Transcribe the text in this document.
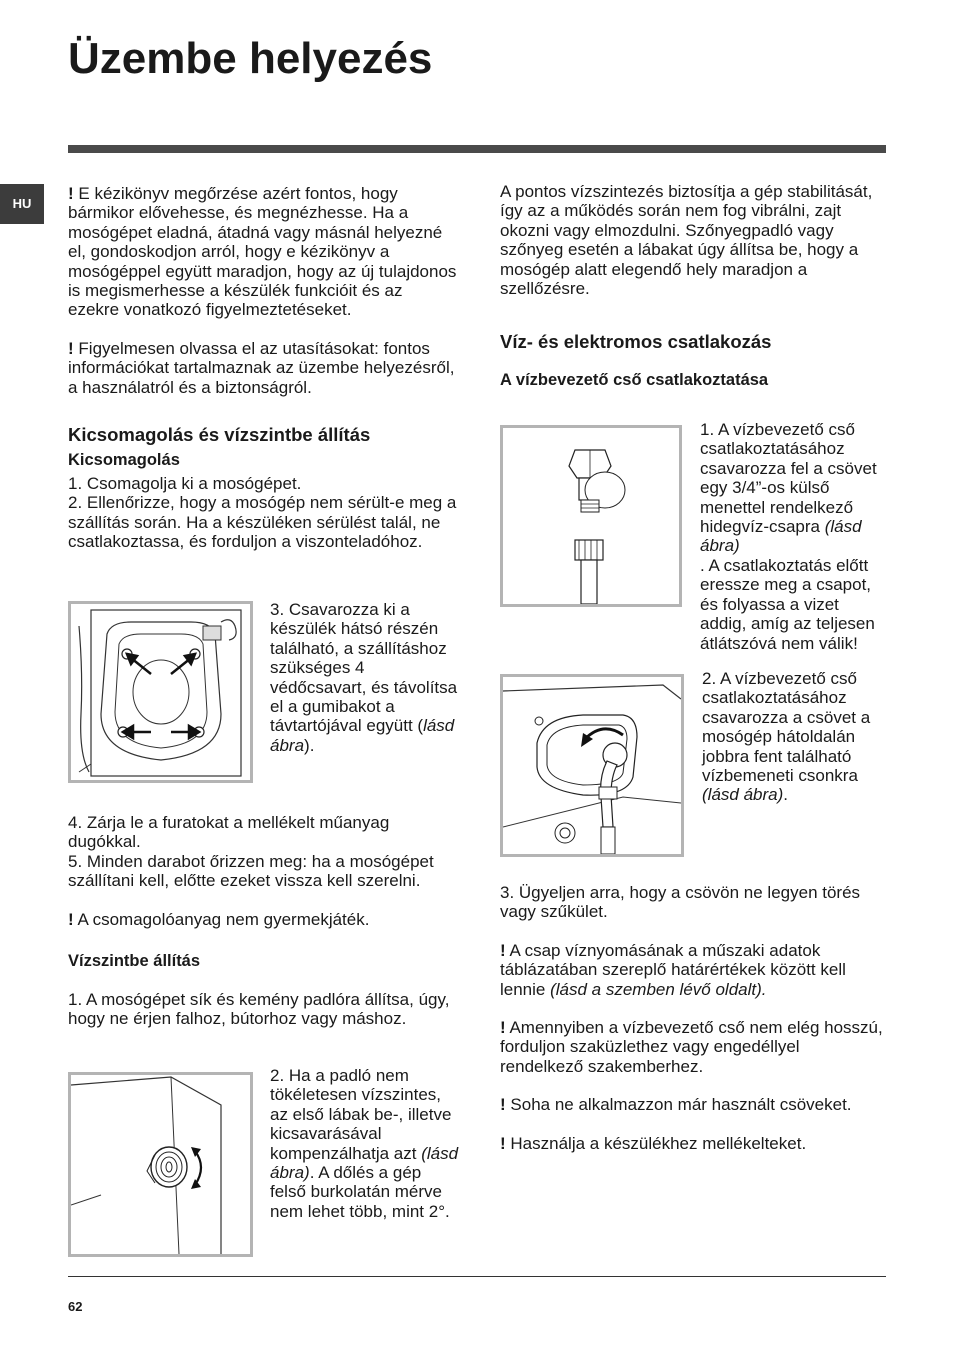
Üzembe helyezés
HU

! E kézikönyv megőrzése azért fontos, hogy bármikor elővehesse, és megnézhesse. Ha a mosógépet eladná, átadná vagy másnál helyezné el, gondoskodjon arról, hogy e kézikönyv a mosógéppel együtt maradjon, hogy az új tulajdonos is megismerhesse a készülék funkcióit és az ezekre vonatkozó figyelmeztetéseket.

! Figyelmesen olvassa el az utasításokat: fontos információkat tartalmaznak az üzembe helyezésről, a használatról és a biztonságról.

Kicsomagolás és vízszintbe állítás
Kicsomagolás

1. Csomagolja ki a mosógépet.

2. Ellenőrizze, hogy a mosógép nem sérült-e meg a szállítás során. Ha a készüléken sérülést talál, ne csatlakoztassa, és forduljon a viszonteladóhoz.

3. Csavarozza ki a készülék hátsó részén található, a szállításhoz szükséges 4 védőcsavart, és távolítsa el a gumibakot a távtartójával együtt (lásd ábra).

4. Zárja le a furatokat a mellékelt műanyag dugókkal.

5. Minden darabot őrizzen meg: ha a mosógépet szállítani kell, előtte ezeket vissza kell szerelni.

! A csomagolóanyag nem gyermekjáték.

Vízszintbe állítás

1. A mosógépet sík és kemény padlóra állítsa, úgy, hogy ne érjen falhoz, bútorhoz vagy máshoz.

2. Ha a padló nem tökéletesen vízszintes, az első lábak be-, illetve kicsavarásával kompenzálhatja azt (lásd ábra). A dőlés a gép felső burkolatán mérve nem lehet több, mint 2°.

A pontos vízszintezés biztosítja a gép stabilitását, így az a működés során nem fog vibrálni, zajt okozni vagy elmozdulni. Szőnyegpadló vagy szőnyeg esetén a lábakat úgy állítsa be, hogy a mosógép alatt elegendő hely maradjon a szellőzésre.

Víz- és elektromos csatlakozás
A vízbevezető cső csatlakoztatása

1. A vízbevezető cső csatlakoztatásához csavarozza fel a csövet egy 3/4”-os külső menettel rendelkező hidegvíz-csapra (lásd ábra)

. A csatlakoztatás előtt eressze meg a csapot, és folyassa a vizet addig, amíg az teljesen átlátszóvá nem válik!

2. A vízbevezető cső csatlakoztatásához csavarozza a csövet a mosógép hátoldalán jobbra fent található vízbemeneti csonkra (lásd ábra).

3. Ügyeljen arra, hogy a csövön ne legyen törés vagy szűkület.

! A csap víznyomásának a műszaki adatok táblázatában szereplő határértékek között kell lennie (lásd a szemben lévő oldalt).

! Amennyiben a vízbevezető cső nem elég hosszú, forduljon szaküzlethez vagy engedéllyel rendelkező szakemberhez.

! Soha ne alkalmazzon már használt csöveket.

! Használja a készülékhez mellékelteket.

62
